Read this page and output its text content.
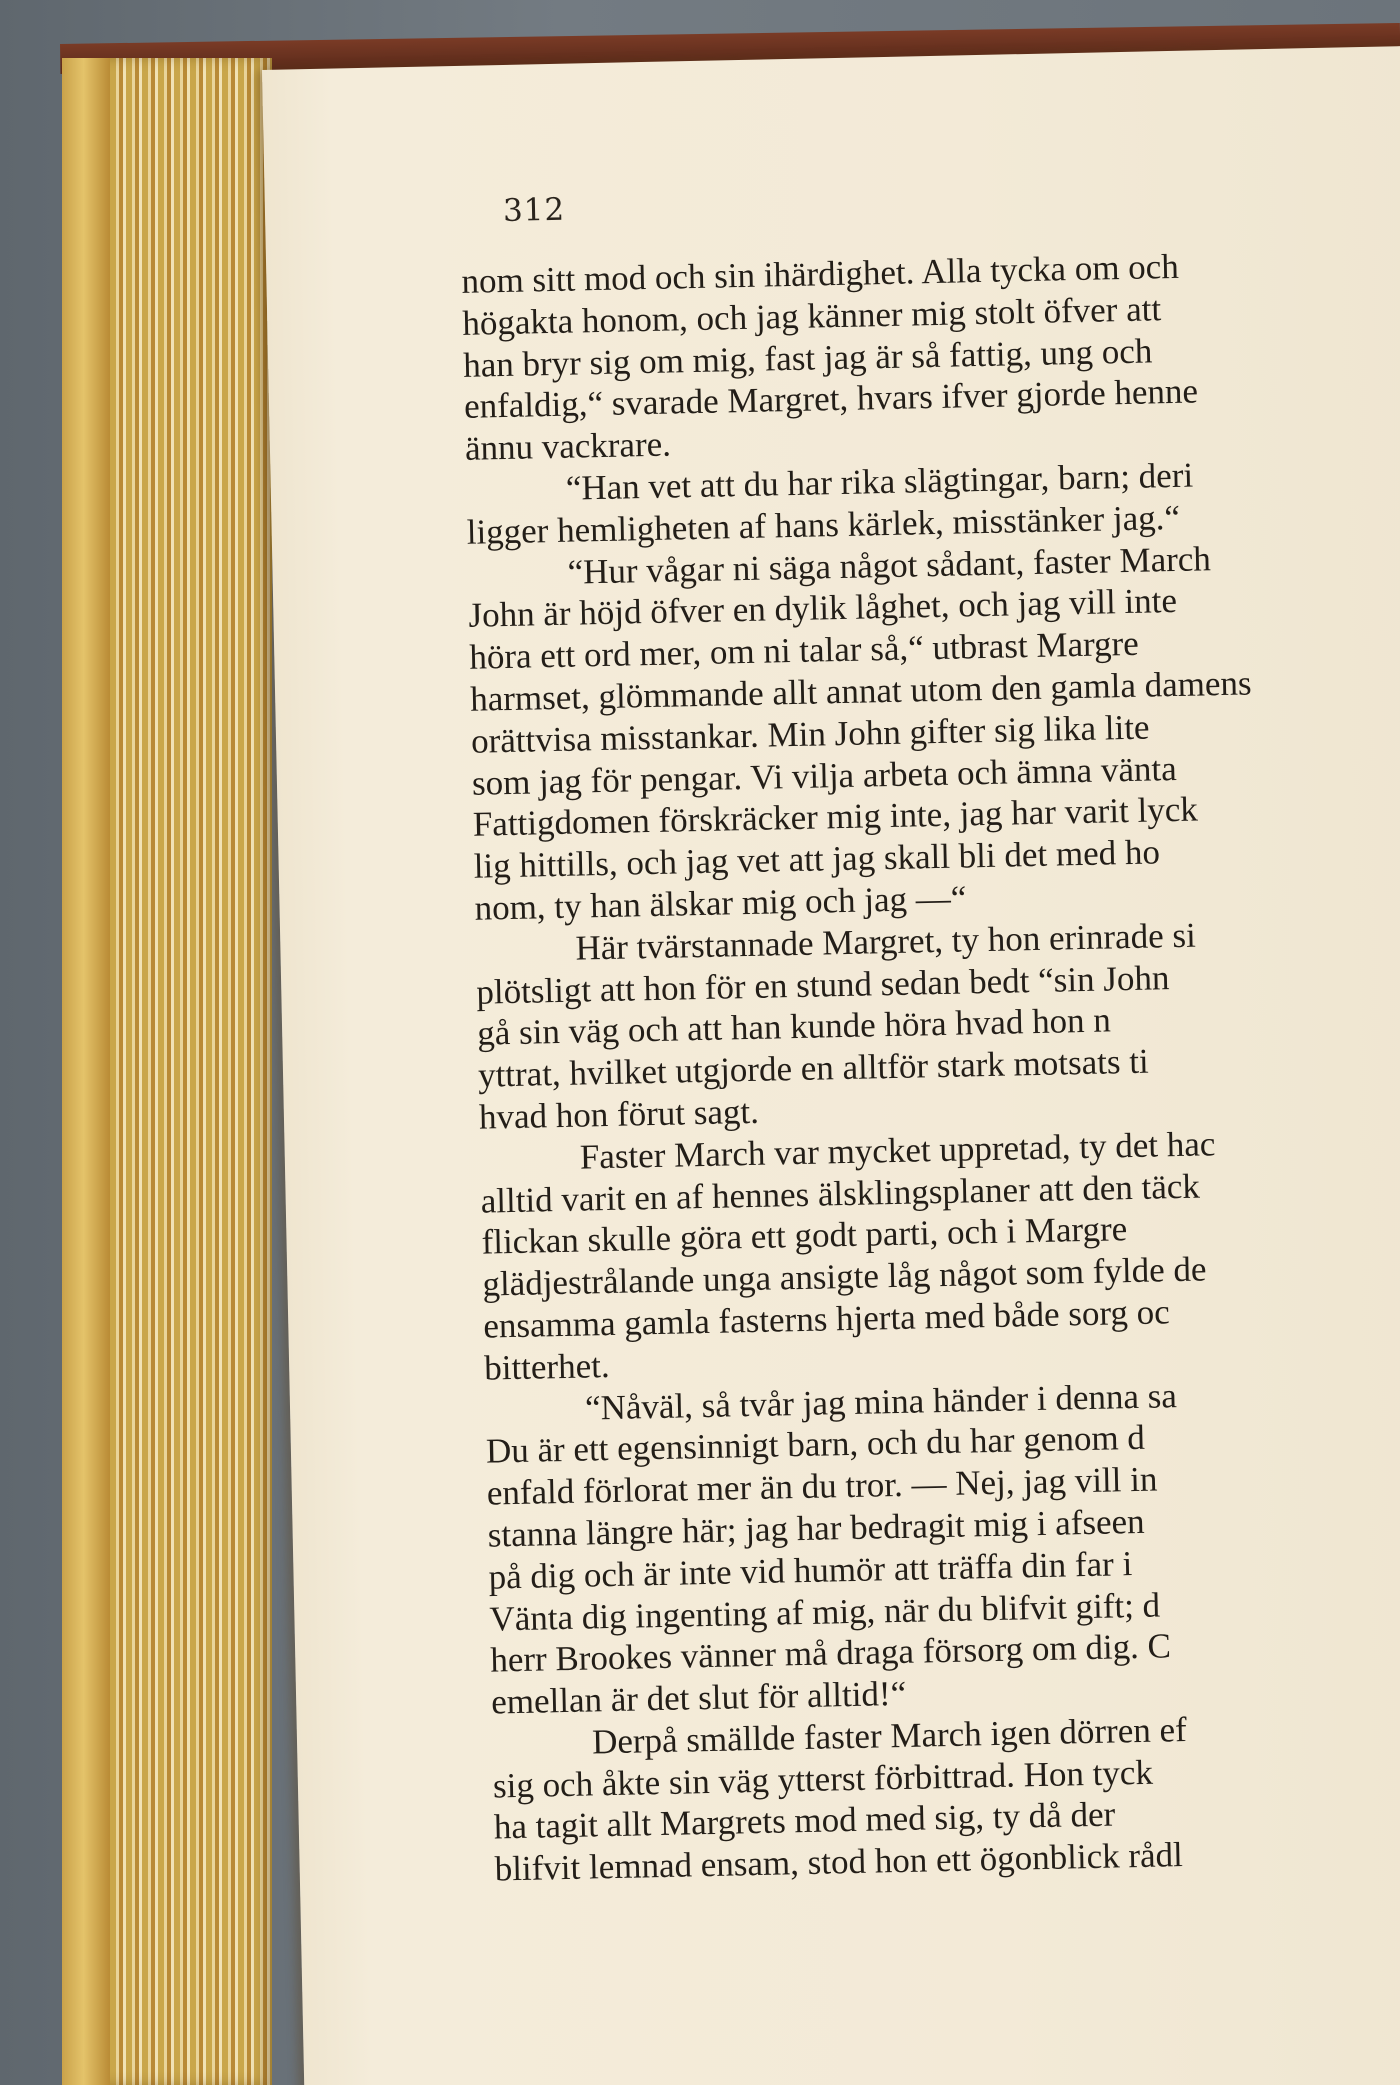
312
nom sitt mod och sin ihärdighet. Alla tycka om och
högakta honom, och jag känner mig stolt öfver att
han bryr sig om mig, fast jag är så fattig, ung och
enfaldig,“ svarade Margret, hvars ifver gjorde henne
ännu vackrare.
“Han vet att du har rika slägtingar, barn; deri
ligger hemligheten af hans kärlek, misstänker jag.“
“Hur vågar ni säga något sådant, faster March
John är höjd öfver en dylik låghet, och jag vill inte
höra ett ord mer, om ni talar så,“ utbrast Margre
harmset, glömmande allt annat utom den gamla damens
orättvisa misstankar. Min John gifter sig lika lite
som jag för pengar. Vi vilja arbeta och ämna vänta
Fattigdomen förskräcker mig inte, jag har varit lyck
lig hittills, och jag vet att jag skall bli det med ho
nom, ty han älskar mig och jag —“
Här tvärstannade Margret, ty hon erinrade si
plötsligt att hon för en stund sedan bedt “sin John
gå sin väg och att han kunde höra hvad hon n
yttrat, hvilket utgjorde en alltför stark motsats ti
hvad hon förut sagt.
Faster March var mycket uppretad, ty det hac
alltid varit en af hennes älsklingsplaner att den täck
flickan skulle göra ett godt parti, och i Margre
glädjestrålande unga ansigte låg något som fylde de
ensamma gamla fasterns hjerta med både sorg oc
bitterhet.
“Nåväl, så tvår jag mina händer i denna sa
Du är ett egensinnigt barn, och du har genom d
enfald förlorat mer än du tror. — Nej, jag vill in
stanna längre här; jag har bedragit mig i afseen
på dig och är inte vid humör att träffa din far i
Vänta dig ingenting af mig, när du blifvit gift; d
herr Brookes vänner må draga försorg om dig. C
emellan är det slut för alltid!“
Derpå smällde faster March igen dörren ef
sig och åkte sin väg ytterst förbittrad. Hon tyck
ha tagit allt Margrets mod med sig, ty då der
blifvit lemnad ensam, stod hon ett ögonblick rådl
